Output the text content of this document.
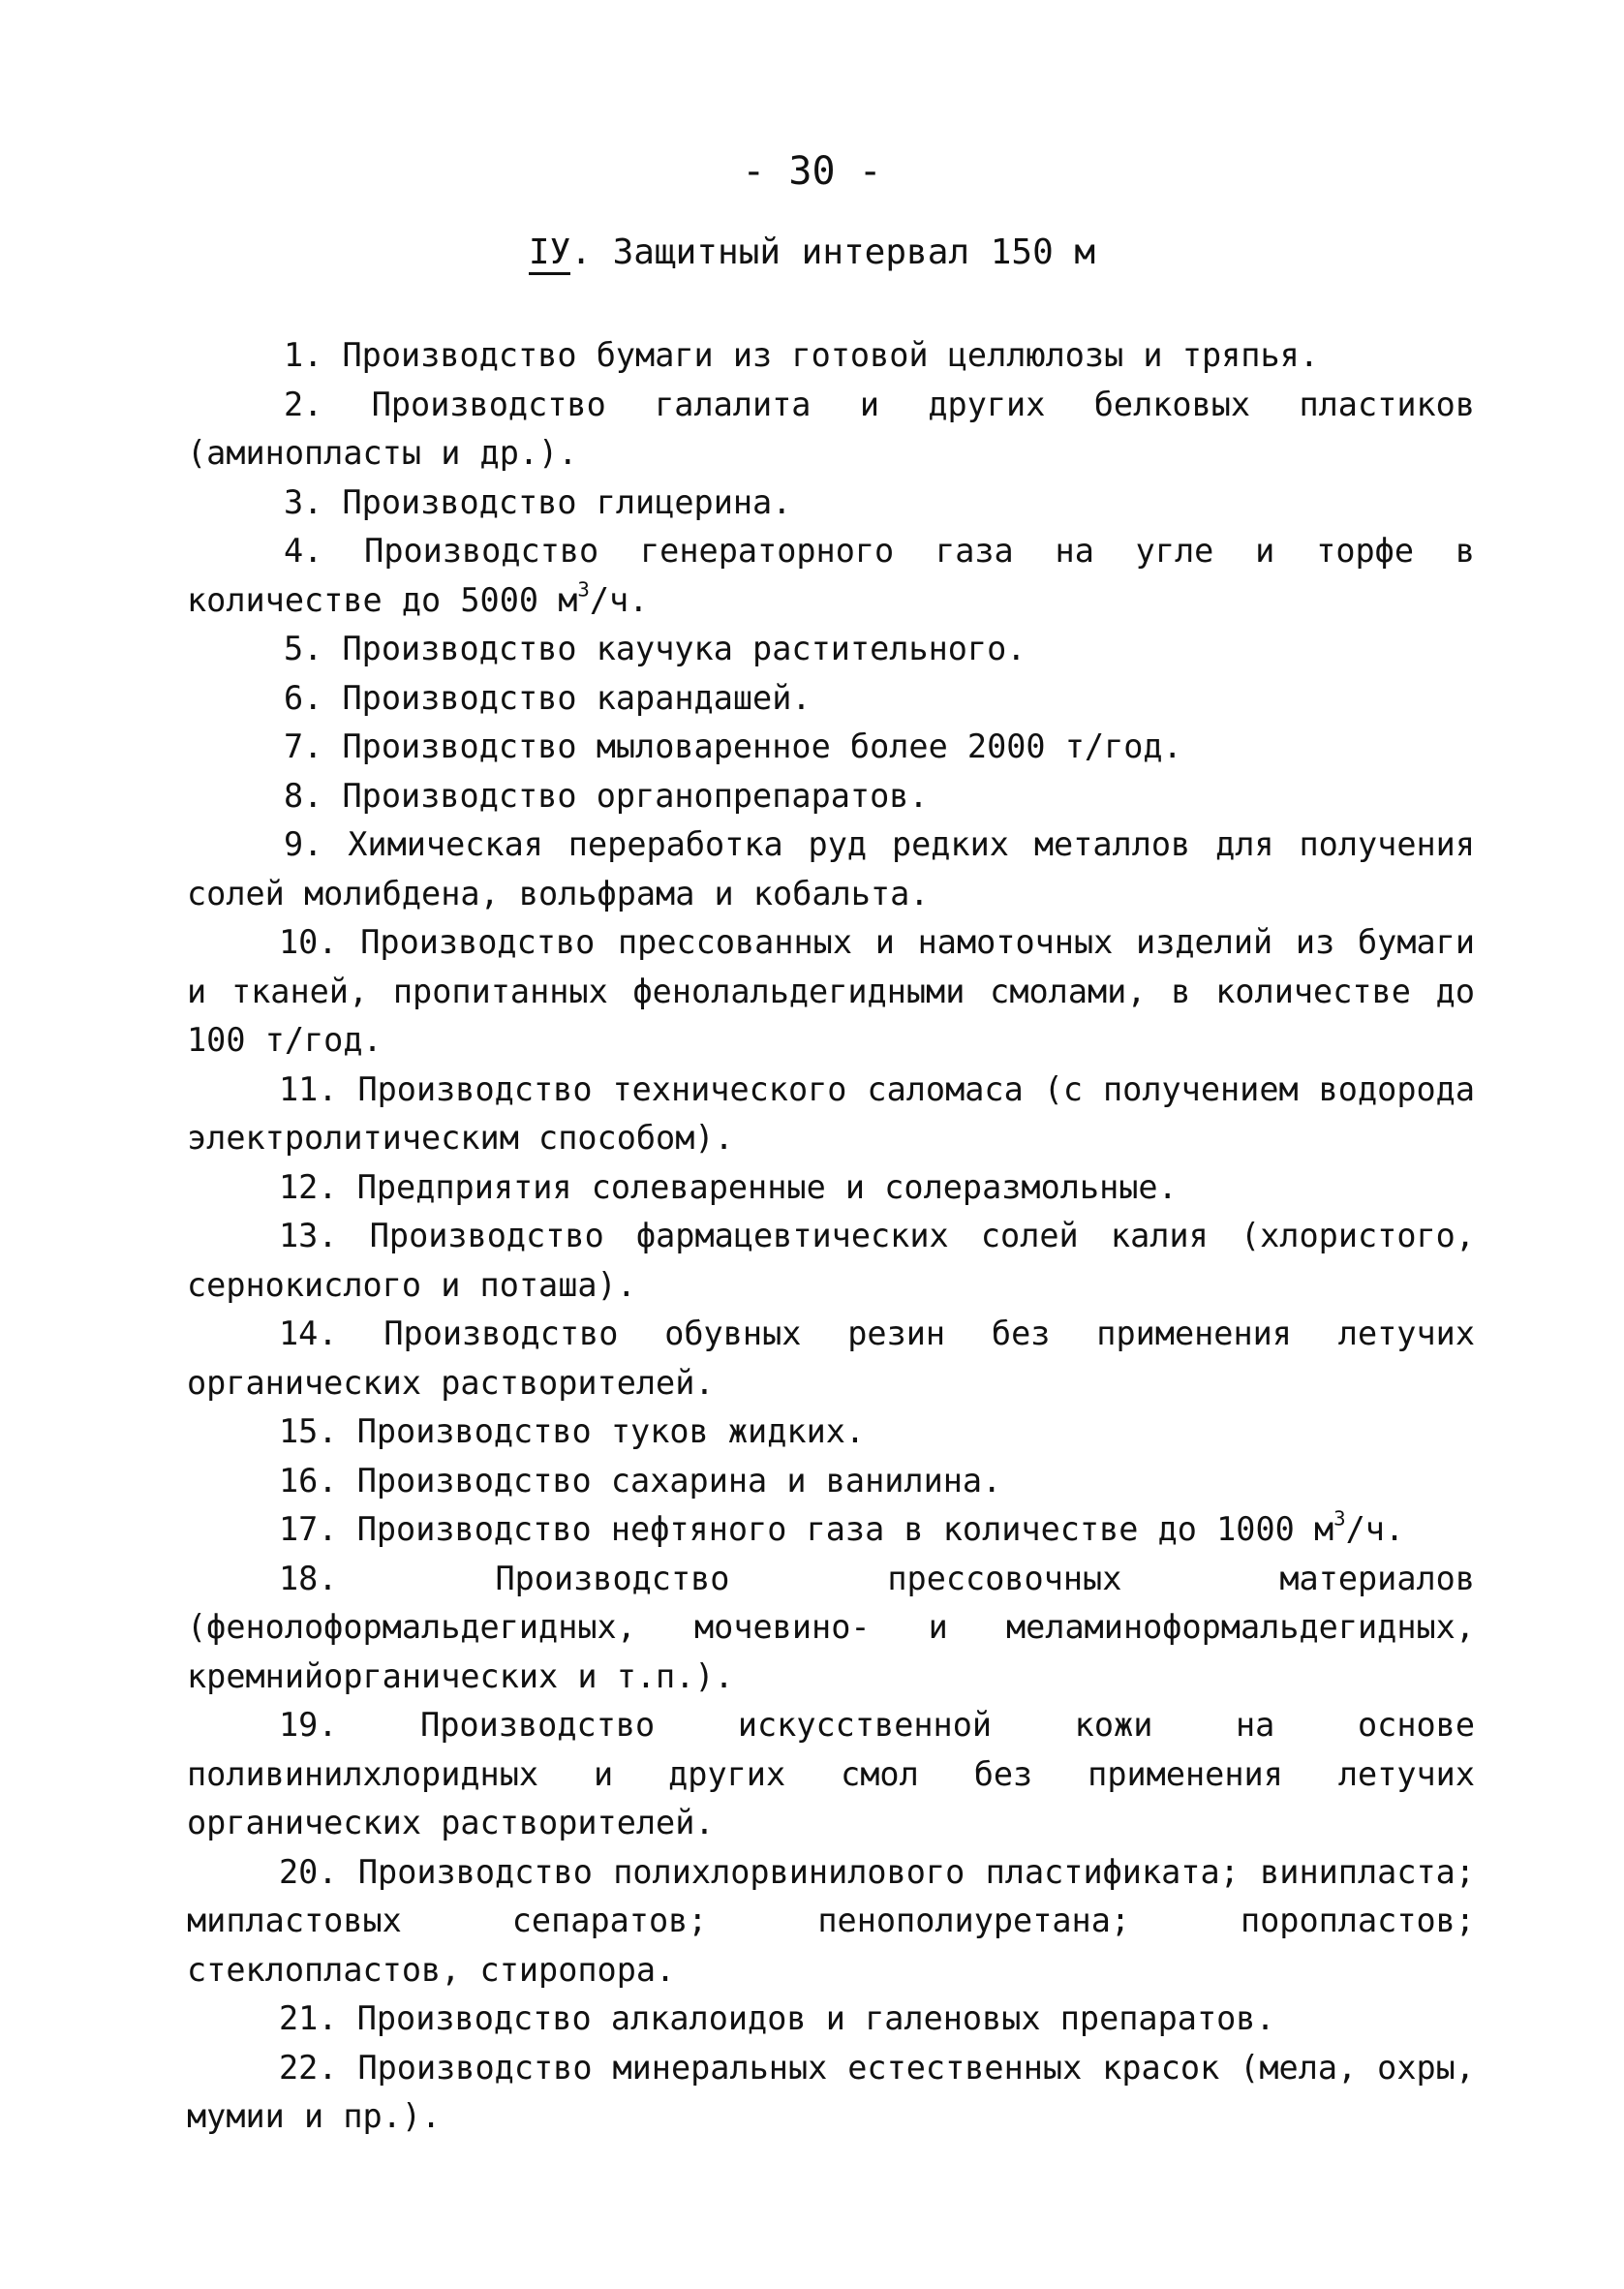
- 30 -
IУ. Защитный интервал 150 м
1. Производство бумаги из готовой целлюлозы и тряпья.
2. Производство галалита и других белковых пластиков (аминопласты и др.).
3. Производство глицерина.
4. Производство генераторного газа на угле и торфе в количестве до 5000 $м^3/ч$.
5. Производство каучука растительного.
6. Производство карандашей.
7. Производство мыловаренное более 2000 т/год.
8. Производство органопрепаратов.
9. Химическая переработка руд редких металлов для получения солей молибдена, вольфрама и кобальта.
10. Производство прессованных и намоточных изделий из бумаги и тканей, пропитанных фенолальдегидными смолами, в количестве до 100 т/год.
11. Производство технического саломаса (с получением водорода электролитическим способом).
12. Предприятия солеваренные и солеразмольные.
13. Производство фармацевтических солей калия (хлористого, сернокислого и поташа).
14. Производство обувных резин без применения летучих органических растворителей.
15. Производство туков жидких.
16. Производство сахарина и ванилина.
17. Производство нефтяного газа в количестве до 1000 $м^3/ч$.
18.	Производство прессовочных материалов (фенолоформальдегидных, мочевино- и меламиноформальдегидных, кремнийорганических и т.п.).
19.	Производство искусственной кожи на основе поливинилхлоридных и других смол без применения летучих органических растворителей.
20. Производство полихлорвинилового пластификата; винипласта; мипластовых сепаратов; пенополиуретана; поропластов; стеклопластов, стиропора.
21. Производство алкалоидов и галеновых препаратов.
22. Производство минеральных естественных красок (мела, охры, мумии и пр.).
